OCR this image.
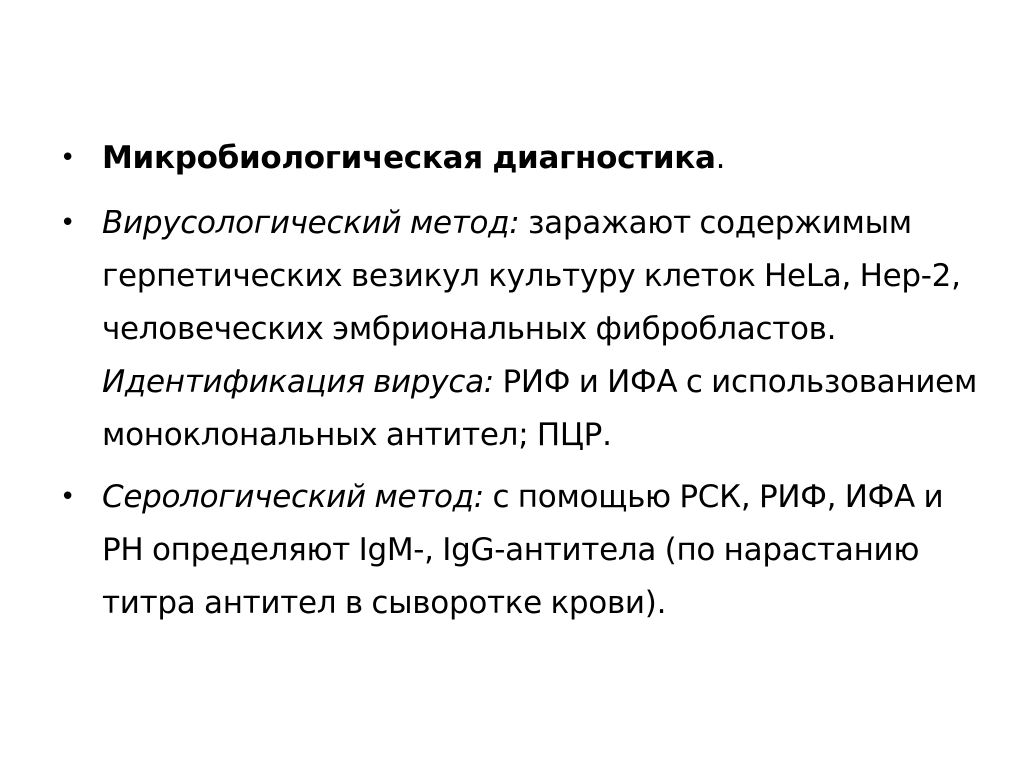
• Микробиологическая диагностика.
• Вирусологический метод: заражают содержимым герпетических везикул культуру клеток HeLa, Hep-2, человеческих эмбриональных фибробластов.
Идентификация вируса: РИФ и ИФА с использованием моноклональных антител; ПЦР.
• Серологический метод: с помощью РСК, РИФ, ИФА и РН определяют IgM-, IgG-антитела (по нарастанию титра антител в сыворотке крови).
